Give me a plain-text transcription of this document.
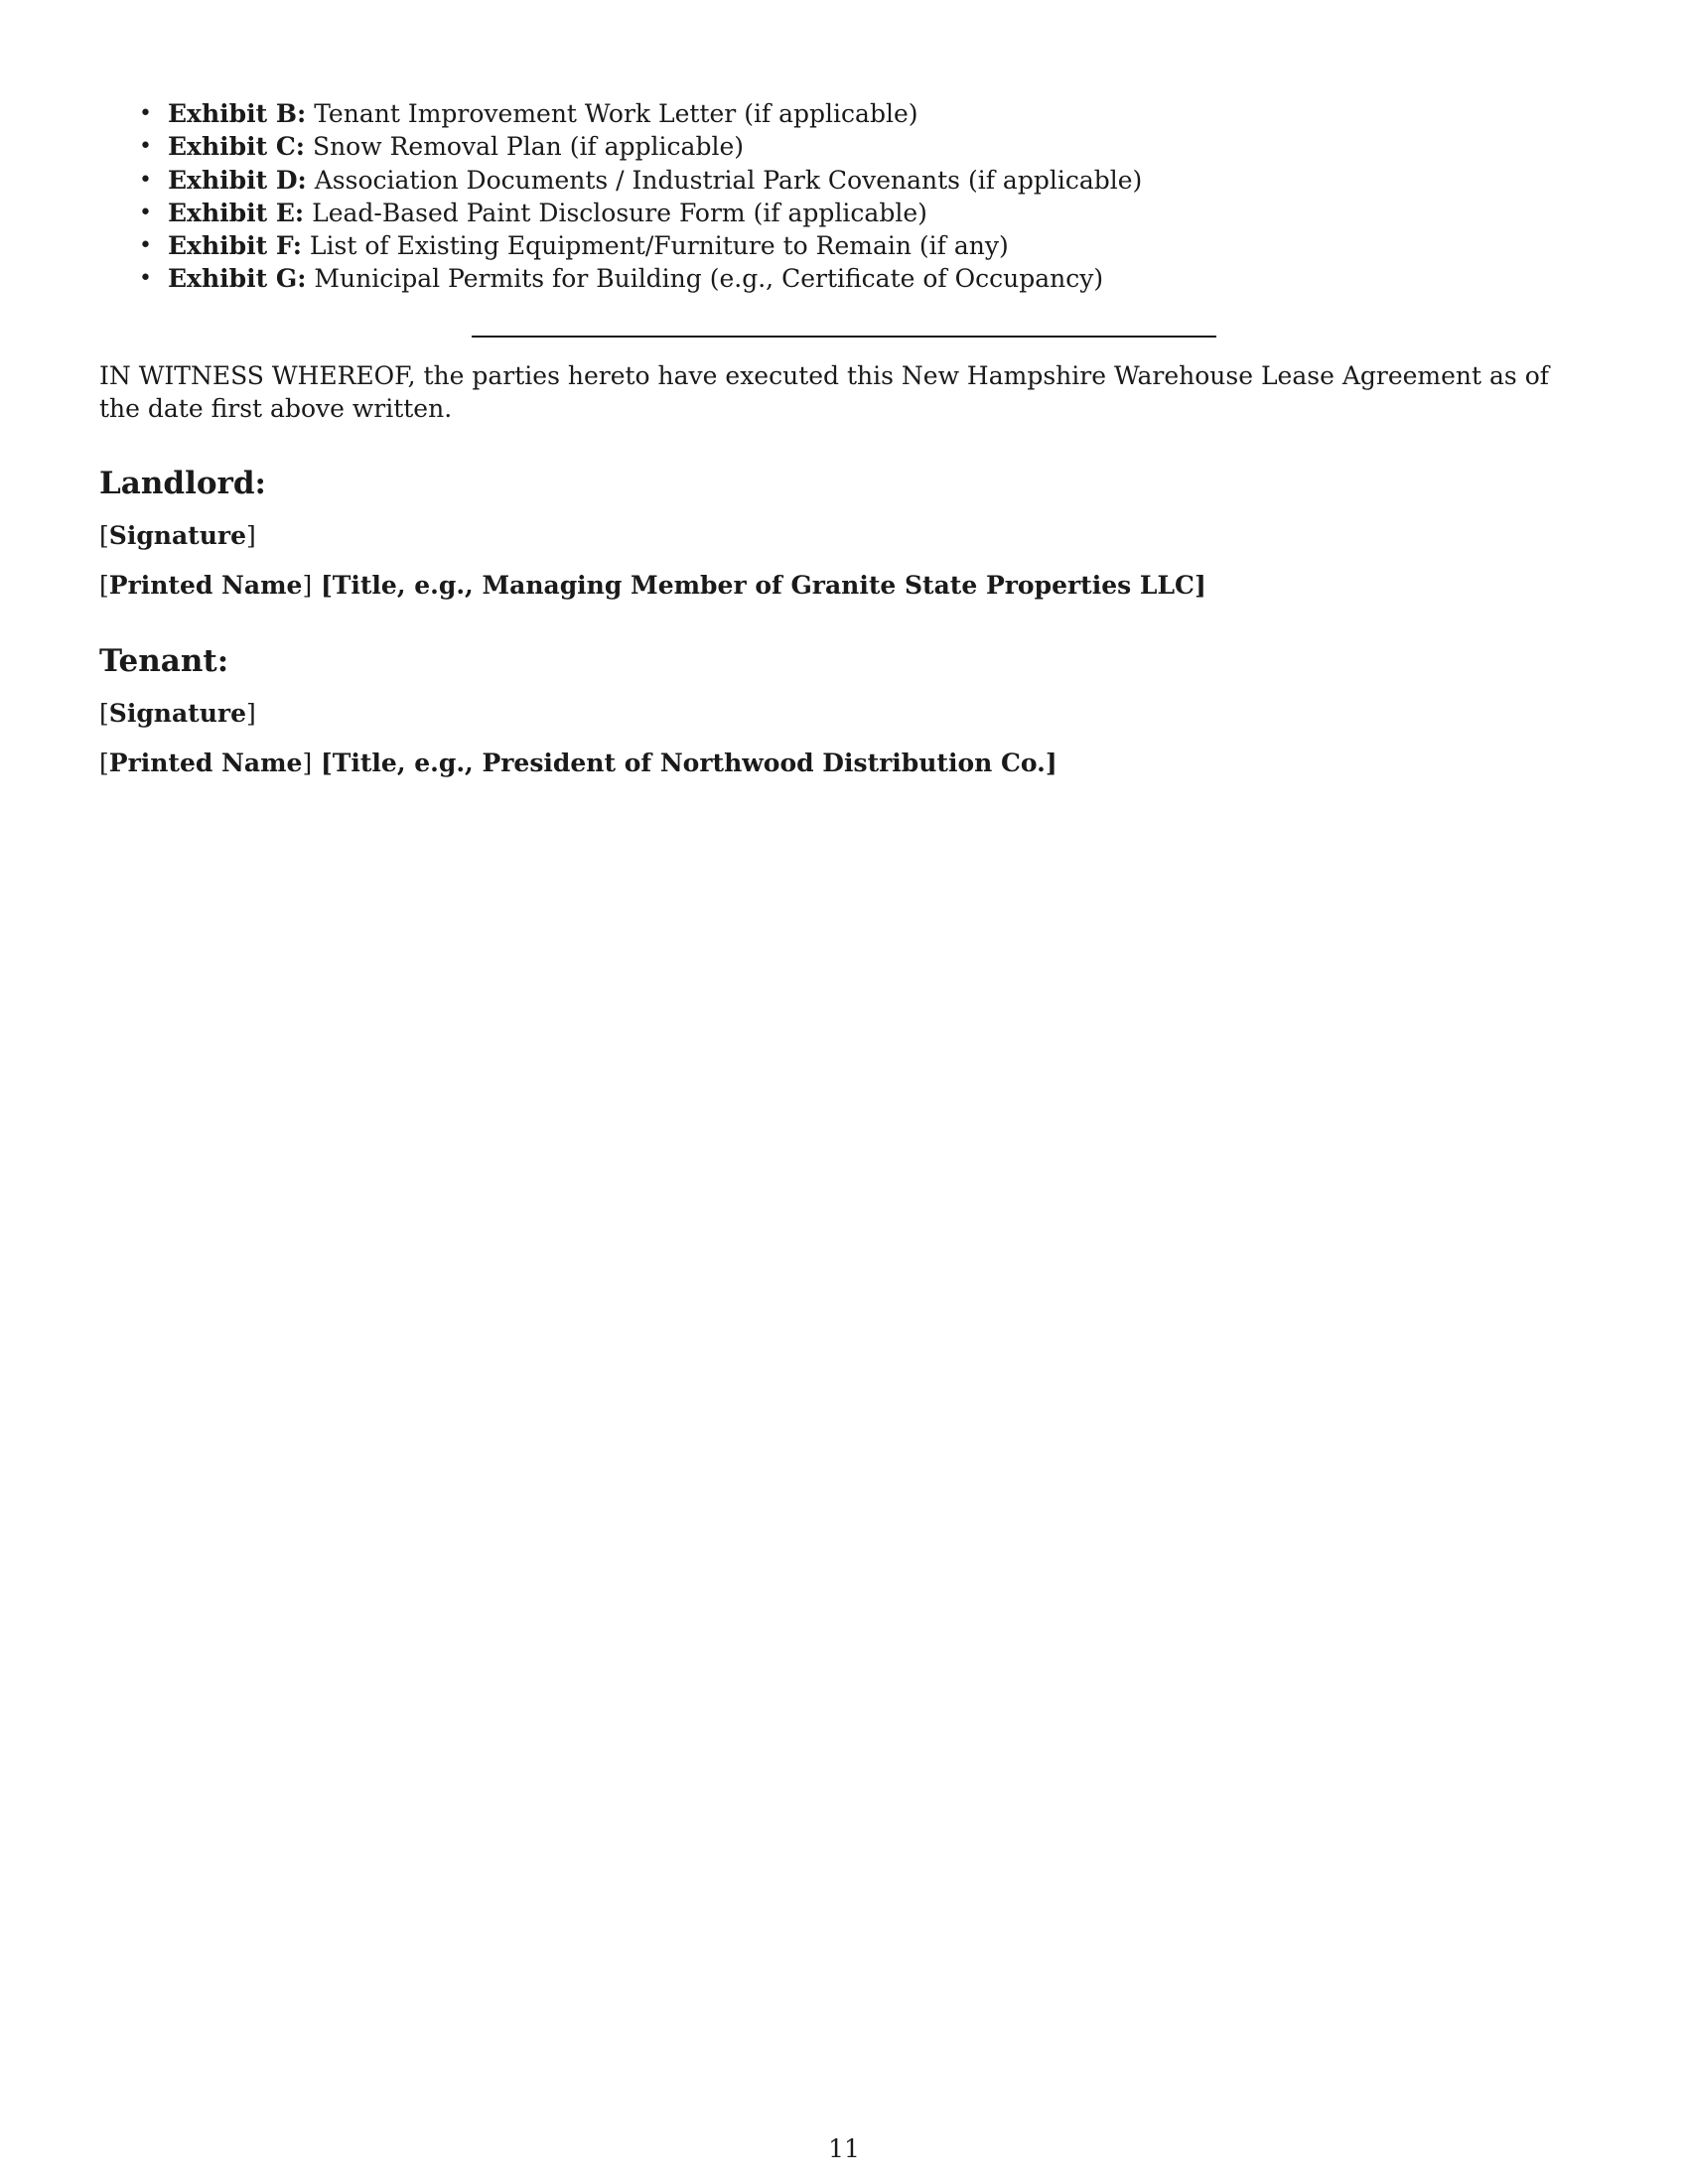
• Exhibit B: Tenant Improvement Work Letter (if applicable)
• Exhibit C: Snow Removal Plan (if applicable)
• Exhibit D: Association Documents / Industrial Park Covenants (if applicable)
• Exhibit E: Lead-Based Paint Disclosure Form (if applicable)
• Exhibit F: List of Existing Equipment/Furniture to Remain (if any)
• Exhibit G: Municipal Permits for Building (e.g., Certificate of Occupancy)

IN WITNESS WHEREOF, the parties hereto have executed this New Hampshire Warehouse Lease Agreement as of the date first above written.

Landlord:

[Signature]

[Printed Name] [Title, e.g., Managing Member of Granite State Properties LLC]

Tenant:

[Signature]

[Printed Name] [Title, e.g., President of Northwood Distribution Co.]

11
